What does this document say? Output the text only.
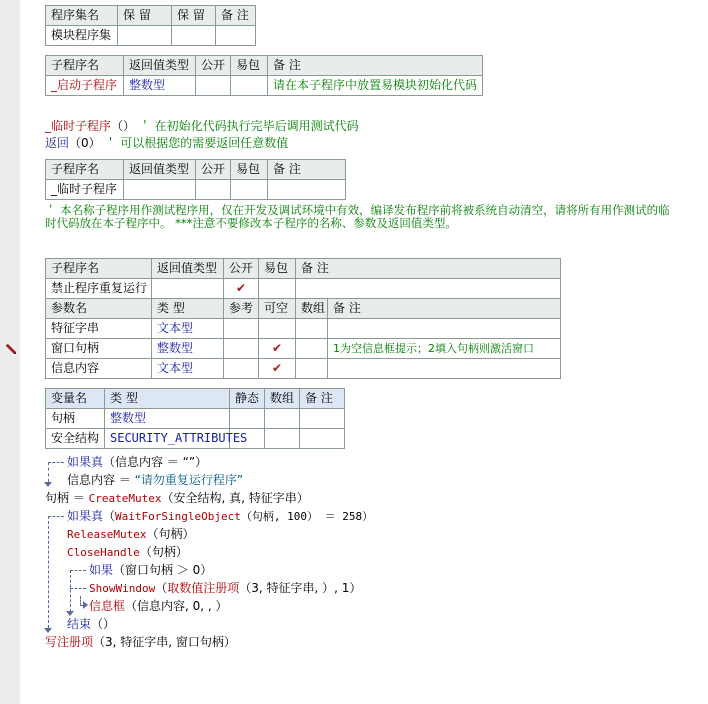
程序集名	保 留	保 留	备 注
模块程序集			
子程序名	返回值类型	公开	易包	备 注
_启动子程序	整数型			请在本子程序中放置易模块初始化代码
_临时子程序（） ＇ 在初始化代码执行完毕后调用测试代码
返回（0） ＇ 可以根据您的需要返回任意数值
子程序名	返回值类型	公开	易包	备 注
_临时子程序				
＇ 本名称子程序用作测试程序用，仅在开发及调试环境中有效，编译发布程序前将被系统自动清空，请将所有用作测试的临
时代码放在本子程序中。 ***注意不要修改本子程序的名称、参数及返回值类型。
子程序名	返回值类型	公开	易包	备 注	
禁止程序重复运行		✔			
参数名	类 型	参考	可空	数组	备 注
特征字串	文本型				
窗口句柄	整数型		✔		1为空信息框提示；2填入句柄则激活窗口
信息内容	文本型		✔		
变量名	类 型	静态	数组	备 注
句柄	整数型			
安全结构	SECURITY_ATTRIBUTES			
如果真（信息内容 ＝ “”）
信息内容 ＝ “请勿重复运行程序”
句柄 ＝ CreateMutex（安全结构, 真, 特征字串）
如果真（WaitForSingleObject（句柄, 100） ＝ 258）
ReleaseMutex（句柄）
CloseHandle（句柄）
如果（窗口句柄 ＞ 0）
ShowWindow（取数值注册项（3, 特征字串, ）, 1）
信息框（信息内容, 0, , ）
结束（）
写注册项（3, 特征字串, 窗口句柄）
